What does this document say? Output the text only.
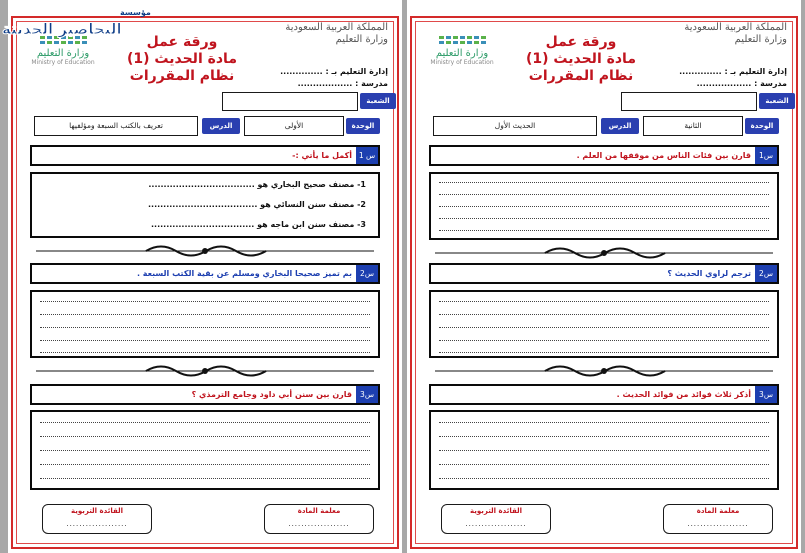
المملكة العربية السعودية
وزارة التعليم
إدارة التعليم بـ : ..............
مدرسة : ..................
ورقة عمل
مادة الحديث (1)
نظام المقررات
وزارة التعليم
Ministry of Education
الشعبة
تعريف بالكتب السبعة ومؤلفيها	الدرس	الأولى	الوحدة
س 1
أكمل ما يأتي :-
1- مصنف صحيح البخاري هو ...................................
2- مصنف سنن النسائي هو ....................................
3- مصنف سنن ابن ماجه هو ..................................
س2
بم تميز صحيحا البخاري ومسلم عن بقية الكتب السبعة .
س3
قارن بين سنن أبي داود وجامع الترمذي ؟
القائدة التربوية
...................
معلمة المادة
...................
المملكة العربية السعودية
وزارة التعليم
إدارة التعليم بـ : ..............
مدرسة : ..................
ورقة عمل
مادة الحديث (1)
نظام المقررات
وزارة التعليم
Ministry of Education
الشعبة
الحديث الأول	الدرس	الثانية	الوحدة
س1
قارن بين فئات الناس من موقفها من العلم .
س2
ترجم لراوي الحديث ؟
س3
أذكر ثلاث فوائد من فوائد الحديث .
القائدة التربوية
...................
معلمة المادة
...................
مؤسسة
التحاضير الحديثة
